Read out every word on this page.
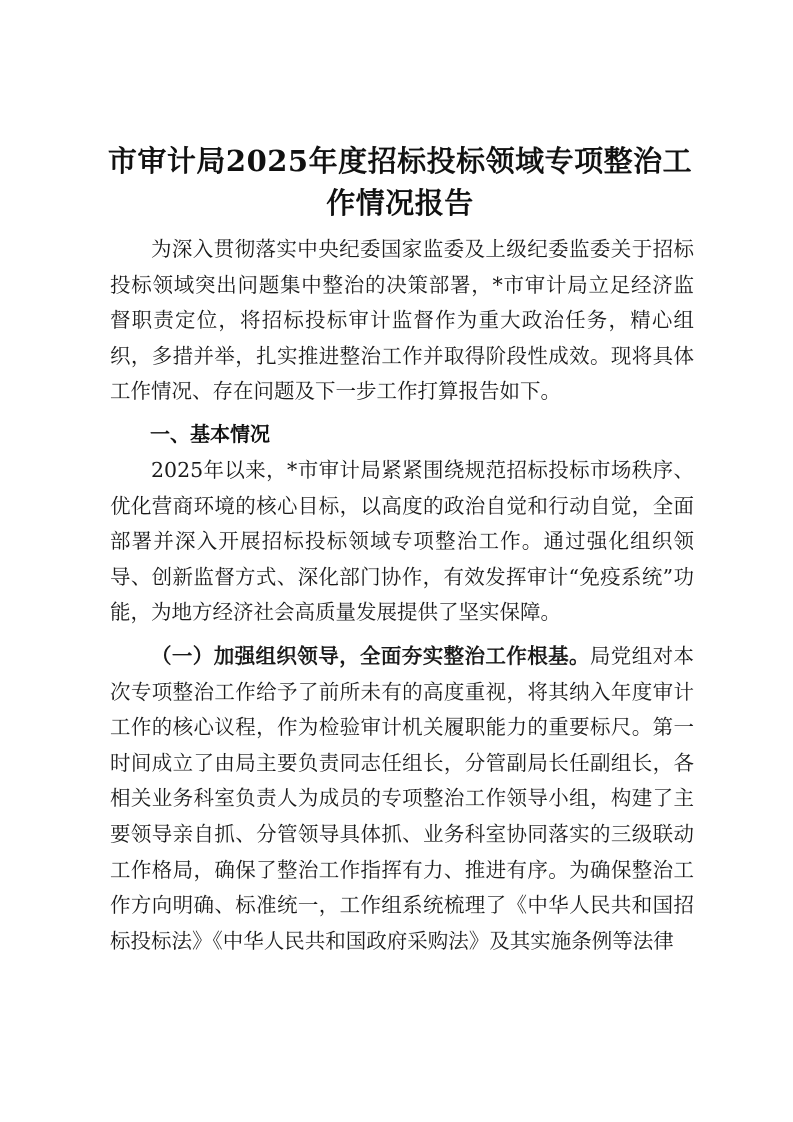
市审计局2025年度招标投标领域专项整治工作情况报告

为深入贯彻落实中央纪委国家监委及上级纪委监委关于招标投标领域突出问题集中整治的决策部署，*市审计局立足经济监督职责定位，将招标投标审计监督作为重大政治任务，精心组织，多措并举，扎实推进整治工作并取得阶段性成效。现将具体工作情况、存在问题及下一步工作打算报告如下。

一、基本情况

2025年以来，*市审计局紧紧围绕规范招标投标市场秩序、优化营商环境的核心目标，以高度的政治自觉和行动自觉，全面部署并深入开展招标投标领域专项整治工作。通过强化组织领导、创新监督方式、深化部门协作，有效发挥审计“免疫系统”功能，为地方经济社会高质量发展提供了坚实保障。

（一）加强组织领导，全面夯实整治工作根基。局党组对本次专项整治工作给予了前所未有的高度重视，将其纳入年度审计工作的核心议程，作为检验审计机关履职能力的重要标尺。第一时间成立了由局主要负责同志任组长，分管副局长任副组长，各相关业务科室负责人为成员的专项整治工作领导小组，构建了主要领导亲自抓、分管领导具体抓、业务科室协同落实的三级联动工作格局，确保了整治工作指挥有力、推进有序。为确保整治工作方向明确、标准统一，工作组系统梳理了《中华人民共和国招标投标法》《中华人民共和国政府采购法》及其实施条例等法律
